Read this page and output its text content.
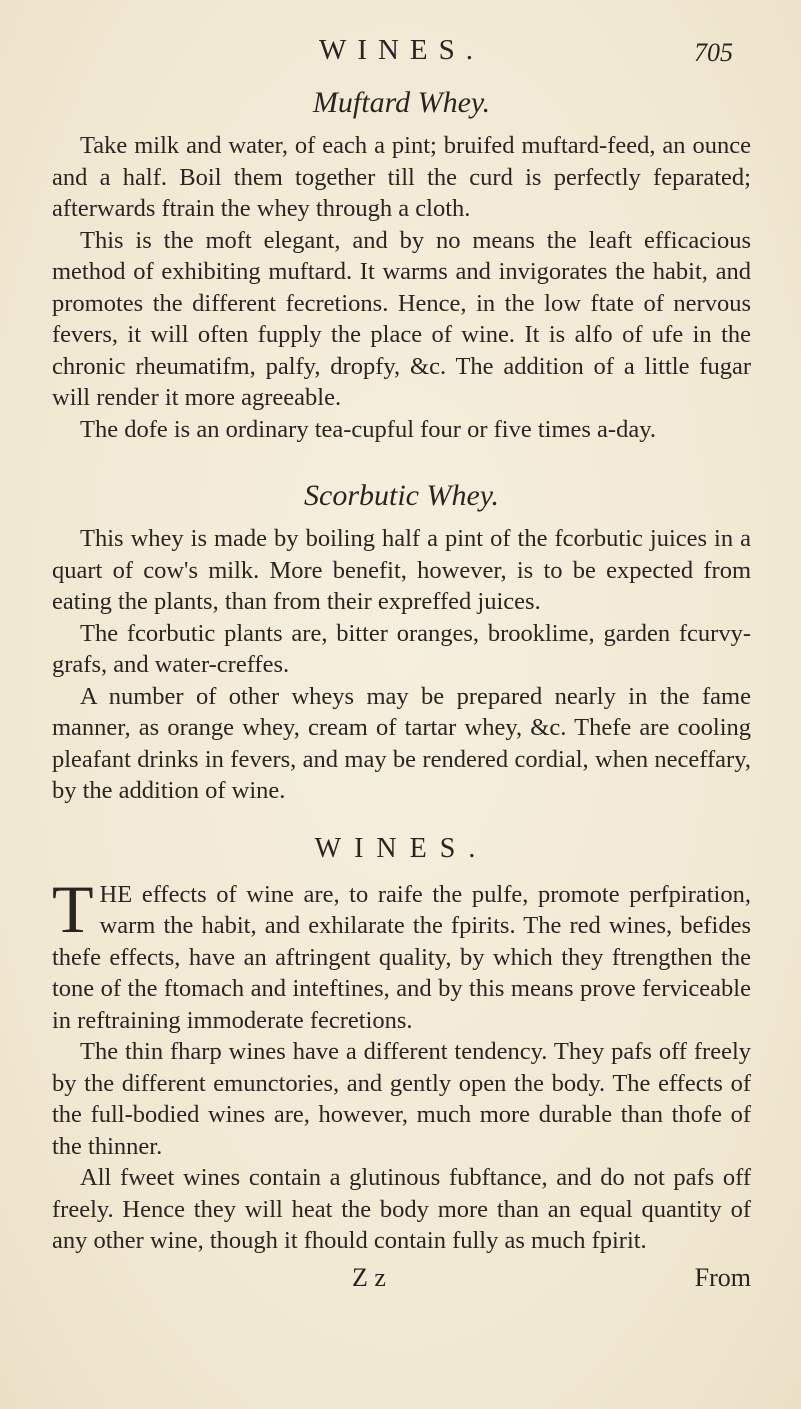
WINES.	705
Muftard Whey.

Take milk and water, of each a pint; bruifed muftard-feed, an ounce and a half. Boil them together till the curd is perfectly feparated; afterwards ftrain the whey through a cloth.

This is the moft elegant, and by no means the leaft efficacious method of exhibiting muftard. It warms and invigorates the habit, and promotes the different fecretions. Hence, in the low ftate of nervous fevers, it will often fupply the place of wine. It is alfo of ufe in the chronic rheumatifm, palfy, dropfy, &c. The addition of a little fugar will render it more agreeable.

The dofe is an ordinary tea-cupful four or five times a-day.

Scorbutic Whey.

This whey is made by boiling half a pint of the fcorbutic juices in a quart of cow's milk. More benefit, however, is to be expected from eating the plants, than from their expreffed juices.

The fcorbutic plants are, bitter oranges, brooklime, garden fcurvy-grafs, and water-creffes.

A number of other wheys may be prepared nearly in the fame manner, as orange whey, cream of tartar whey, &c. Thefe are cooling pleafant drinks in fevers, and may be rendered cordial, when neceffary, by the addition of wine.

WINES.

THE effects of wine are, to raife the pulfe, promote perfpiration, warm the habit, and exhilarate the fpirits. The red wines, befides thefe effects, have an aftringent quality, by which they ftrengthen the tone of the ftomach and inteftines, and by this means prove ferviceable in reftraining immoderate fecretions.

The thin fharp wines have a different tendency. They pafs off freely by the different emunctories, and gently open the body. The effects of the full-bodied wines are, however, much more durable than thofe of the thinner.

All fweet wines contain a glutinous fubftance, and do not pafs off freely. Hence they will heat the body more than an equal quantity of any other wine, though it fhould contain fully as much fpirit.

Z z	From
